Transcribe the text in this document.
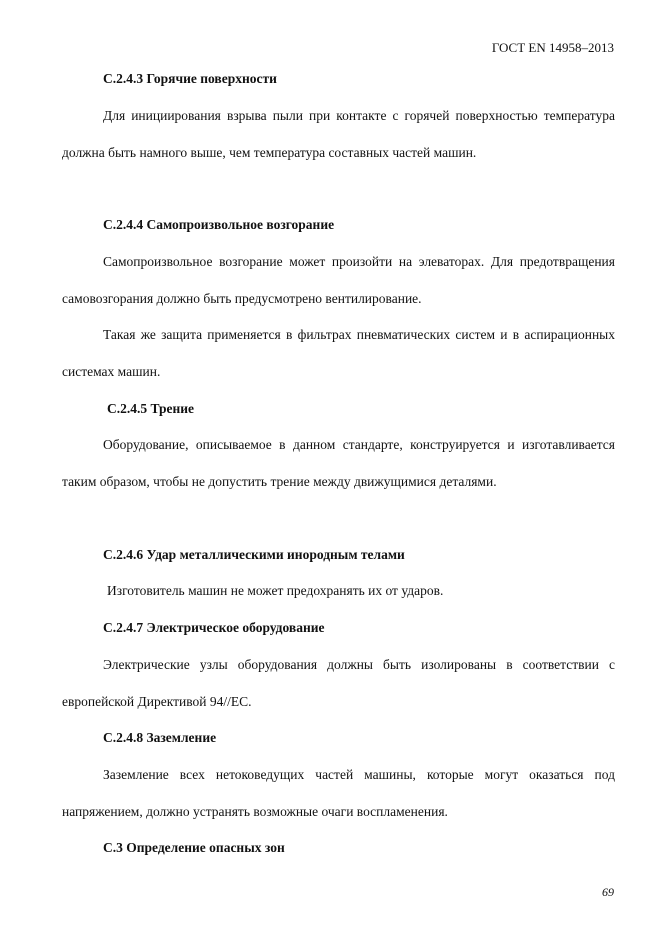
ГОСТ EN 14958–2013
С.2.4.3 Горячие поверхности
Для инициирования взрыва пыли при контакте с горячей поверхностью температура должна быть намного выше, чем температура составных частей машин.
С.2.4.4 Самопроизвольное возгорание
Самопроизвольное возгорание может произойти на элеваторах. Для предотвращения самовозгорания должно быть предусмотрено вентилирование.
Такая же защита применяется в фильтрах пневматических систем и в аспирационных системах машин.
С.2.4.5 Трение
Оборудование, описываемое в данном стандарте, конструируется и изготавливается таким образом, чтобы не допустить трение между движущимися деталями.
С.2.4.6 Удар металлическими инородным телами
Изготовитель машин не может предохранять их от ударов.
С.2.4.7 Электрическое оборудование
Электрические узлы оборудования должны быть изолированы в соответствии с европейской Директивой 94//ЕС.
С.2.4.8 Заземление
Заземление всех нетоковедущих частей машины, которые могут оказаться под напряжением, должно устранять возможные очаги воспламенения.
С.3 Определение опасных зон
69
